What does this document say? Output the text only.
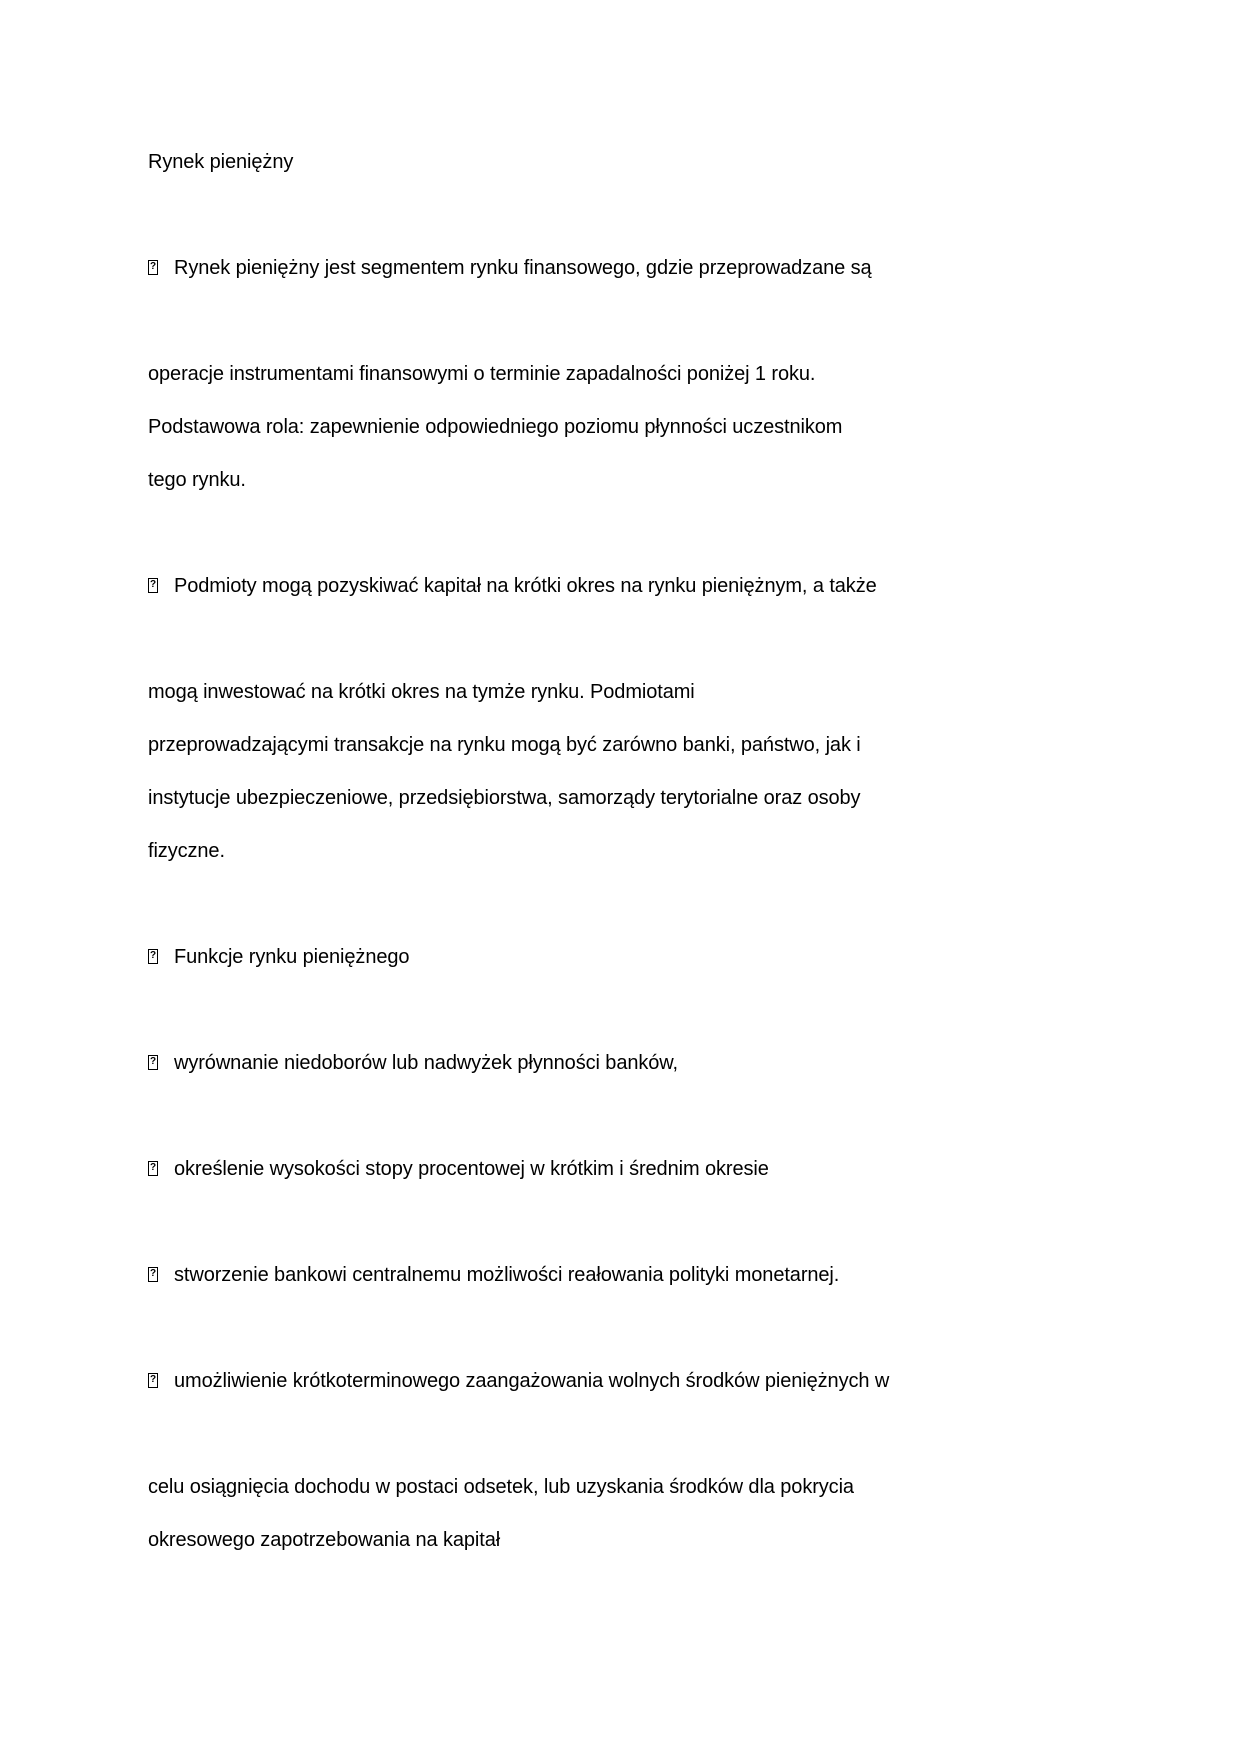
Rynek pieniężny
?Rynek pieniężny jest segmentem rynku finansowego, gdzie przeprowadzane są
operacje instrumentami finansowymi o terminie zapadalności poniżej 1 roku.
Podstawowa rola: zapewnienie odpowiedniego poziomu płynności uczestnikom
tego rynku.
?Podmioty mogą pozyskiwać kapitał na krótki okres na rynku pieniężnym, a także
mogą inwestować na krótki okres na tymże rynku. Podmiotami
przeprowadzającymi transakcje na rynku mogą być zarówno banki, państwo, jak i
instytucje ubezpieczeniowe, przedsiębiorstwa, samorządy terytorialne oraz osoby
fizyczne.
?Funkcje rynku pieniężnego
?wyrównanie niedoborów lub nadwyżek płynności banków,
?określenie wysokości stopy procentowej w krótkim i średnim okresie
?stworzenie bankowi centralnemu możliwości reałowania polityki monetarnej.
?umożliwienie krótkoterminowego zaangażowania wolnych środków pieniężnych w
celu osiągnięcia dochodu w postaci odsetek, lub uzyskania środków dla pokrycia
okresowego zapotrzebowania na kapitał
